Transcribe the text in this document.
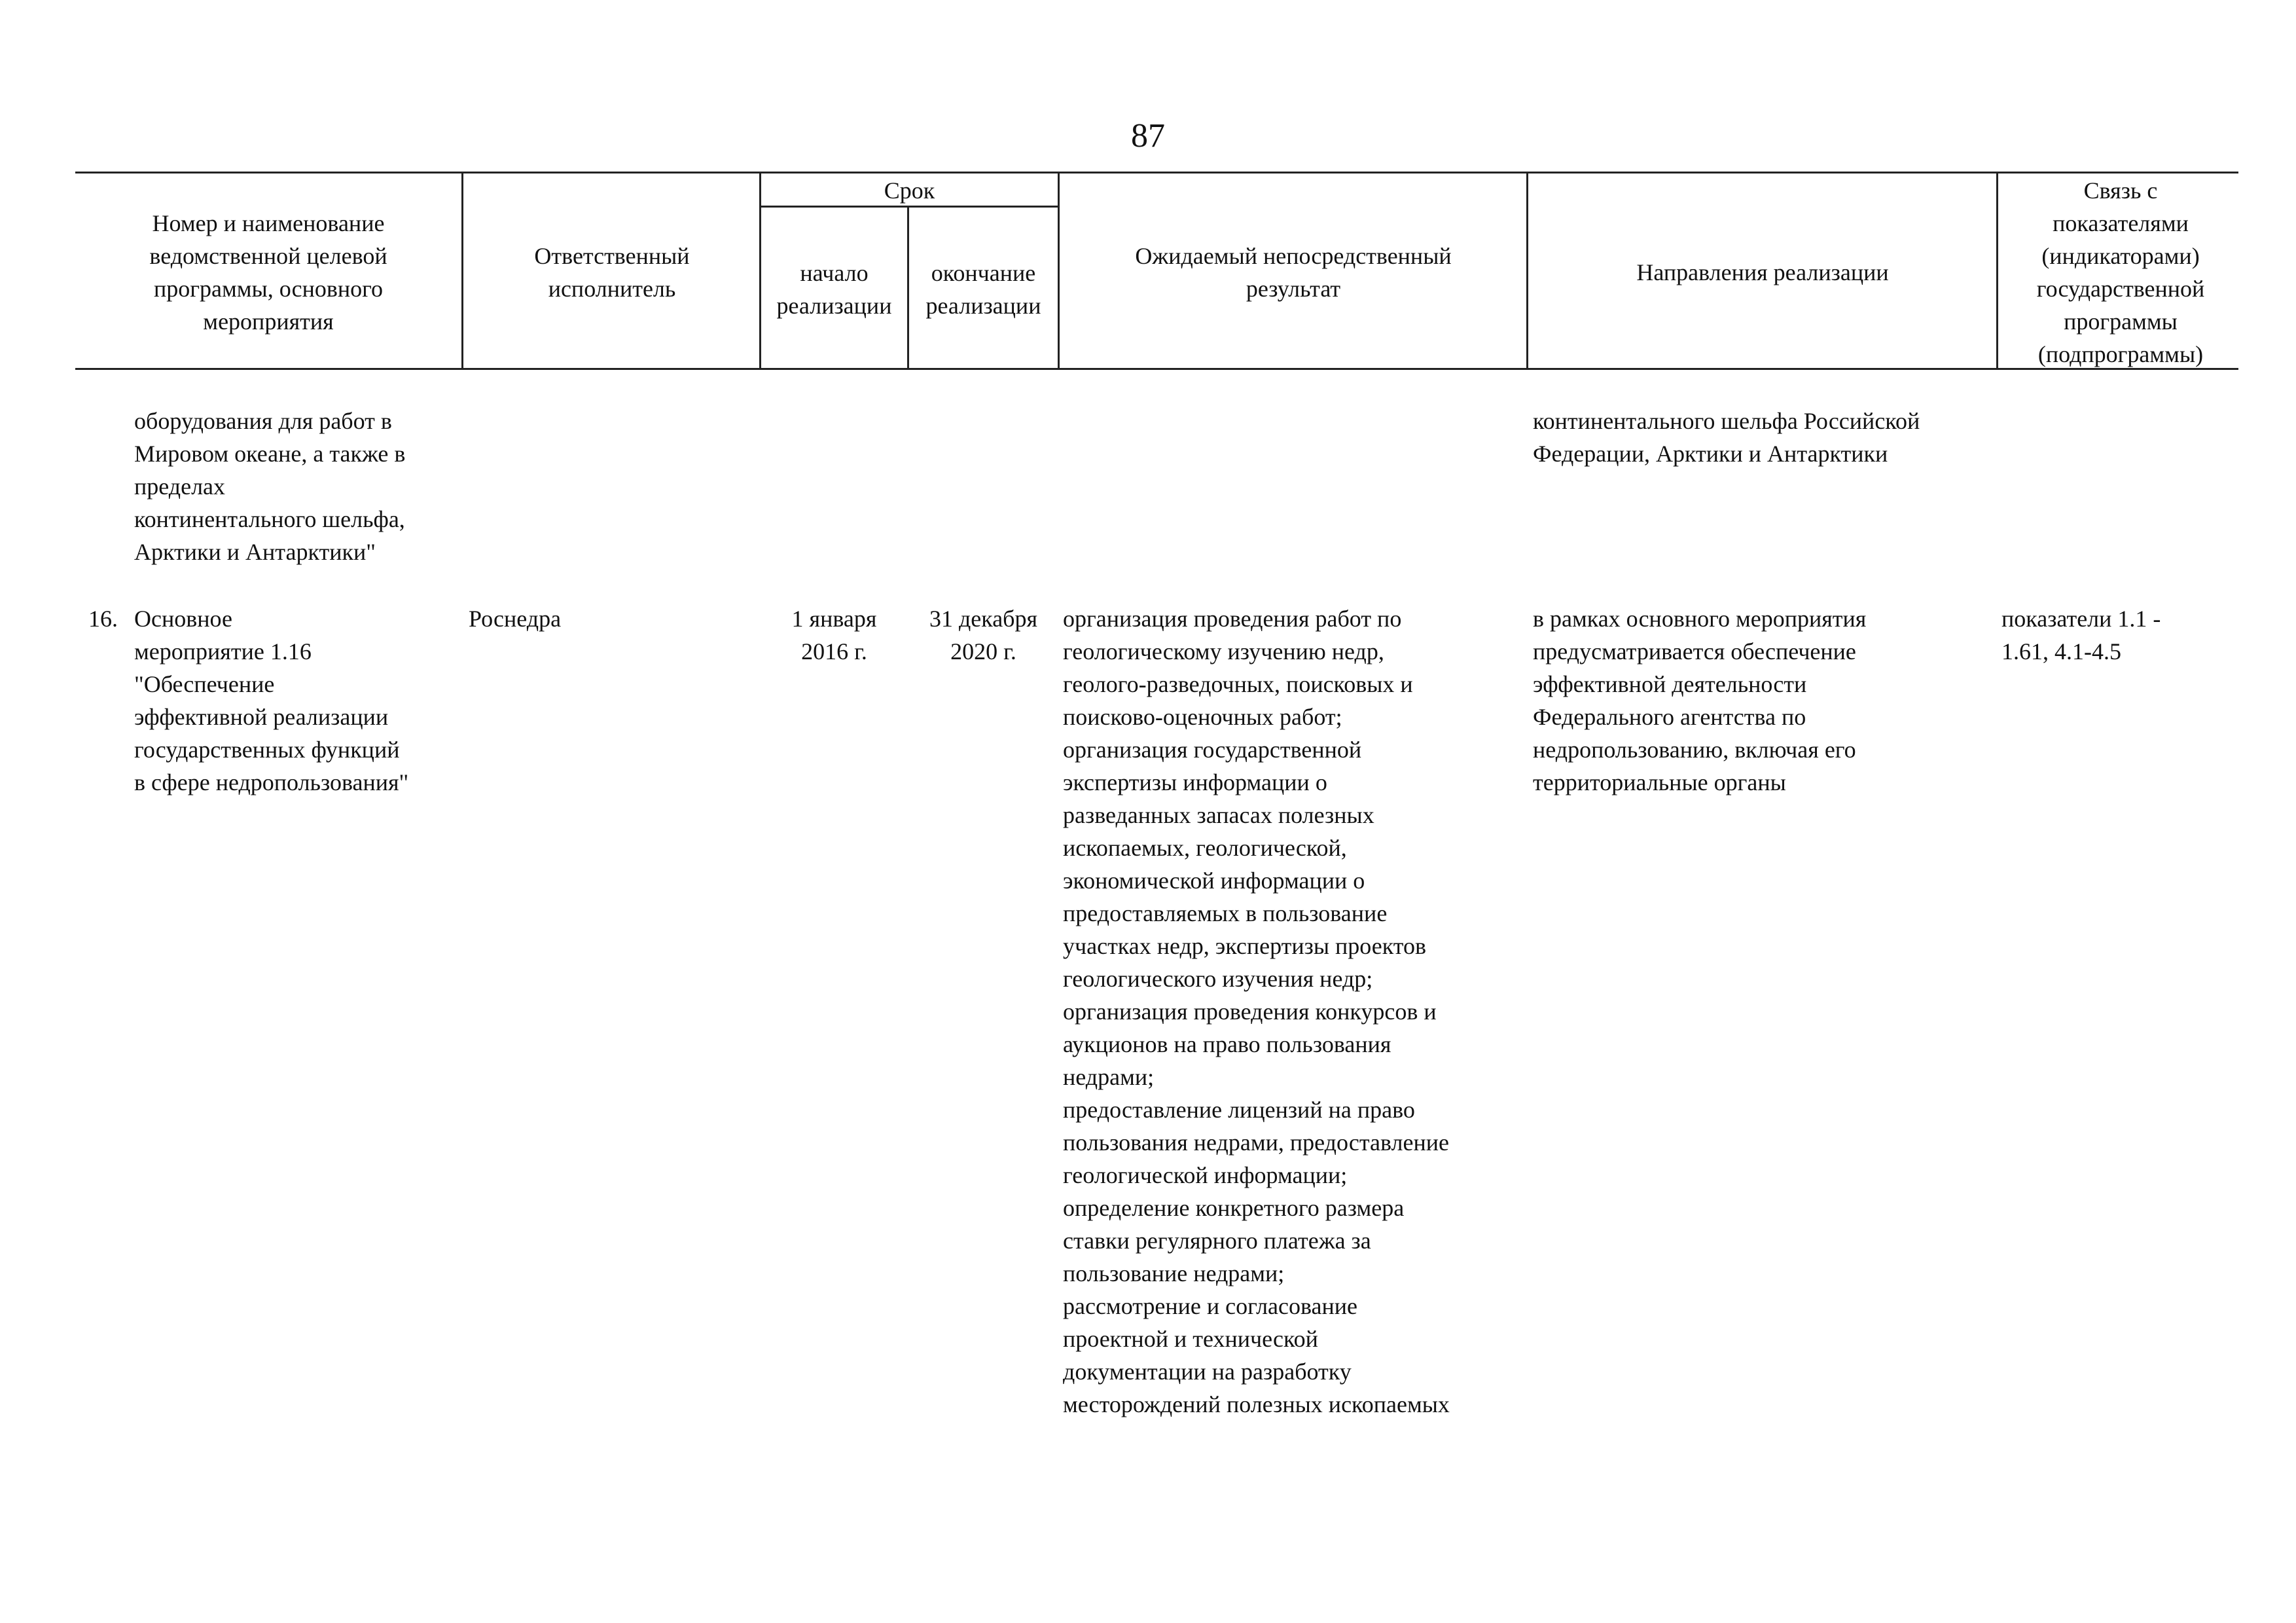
87
Номер и наименование
ведомственной целевой
программы, основного
мероприятия
Ответственный
исполнитель
Срок
начало
реализации
окончание
реализации
Ожидаемый непосредственный
результат
Направления реализации
Связь с
показателями
(индикаторами)
государственной
программы
(подпрограммы)
оборудования для работ в
Мировом океане, а также в
пределах
континентального шельфа,
Арктики и Антарктики"
континентального шельфа Российской
Федерации, Арктики и Антарктики
16. Основное
мероприятие 1.16
"Обеспечение
эффективной реализации
государственных функций
в сфере недропользования"
Роснедра	1 января
2016 г.
31 декабря
2020 г.
организация проведения работ по
геологическому изучению недр,
геолого-разведочных, поисковых и
поисково-оценочных работ;
организация государственной
экспертизы информации о
разведанных запасах полезных
ископаемых, геологической,
экономической информации о
предоставляемых в пользование
участках недр, экспертизы проектов
геологического изучения недр;
организация проведения конкурсов и
аукционов на право пользования
недрами;
предоставление лицензий на право
пользования недрами, предоставление
геологической информации;
определение конкретного размера
ставки регулярного платежа за
пользование недрами;
рассмотрение и согласование
проектной и технической
документации на разработку
месторождений полезных ископаемых
в рамках основного мероприятия
предусматривается обеспечение
эффективной деятельности
Федерального агентства по
недропользованию, включая его
территориальные органы
показатели 1.1 -
1.61, 4.1-4.5
